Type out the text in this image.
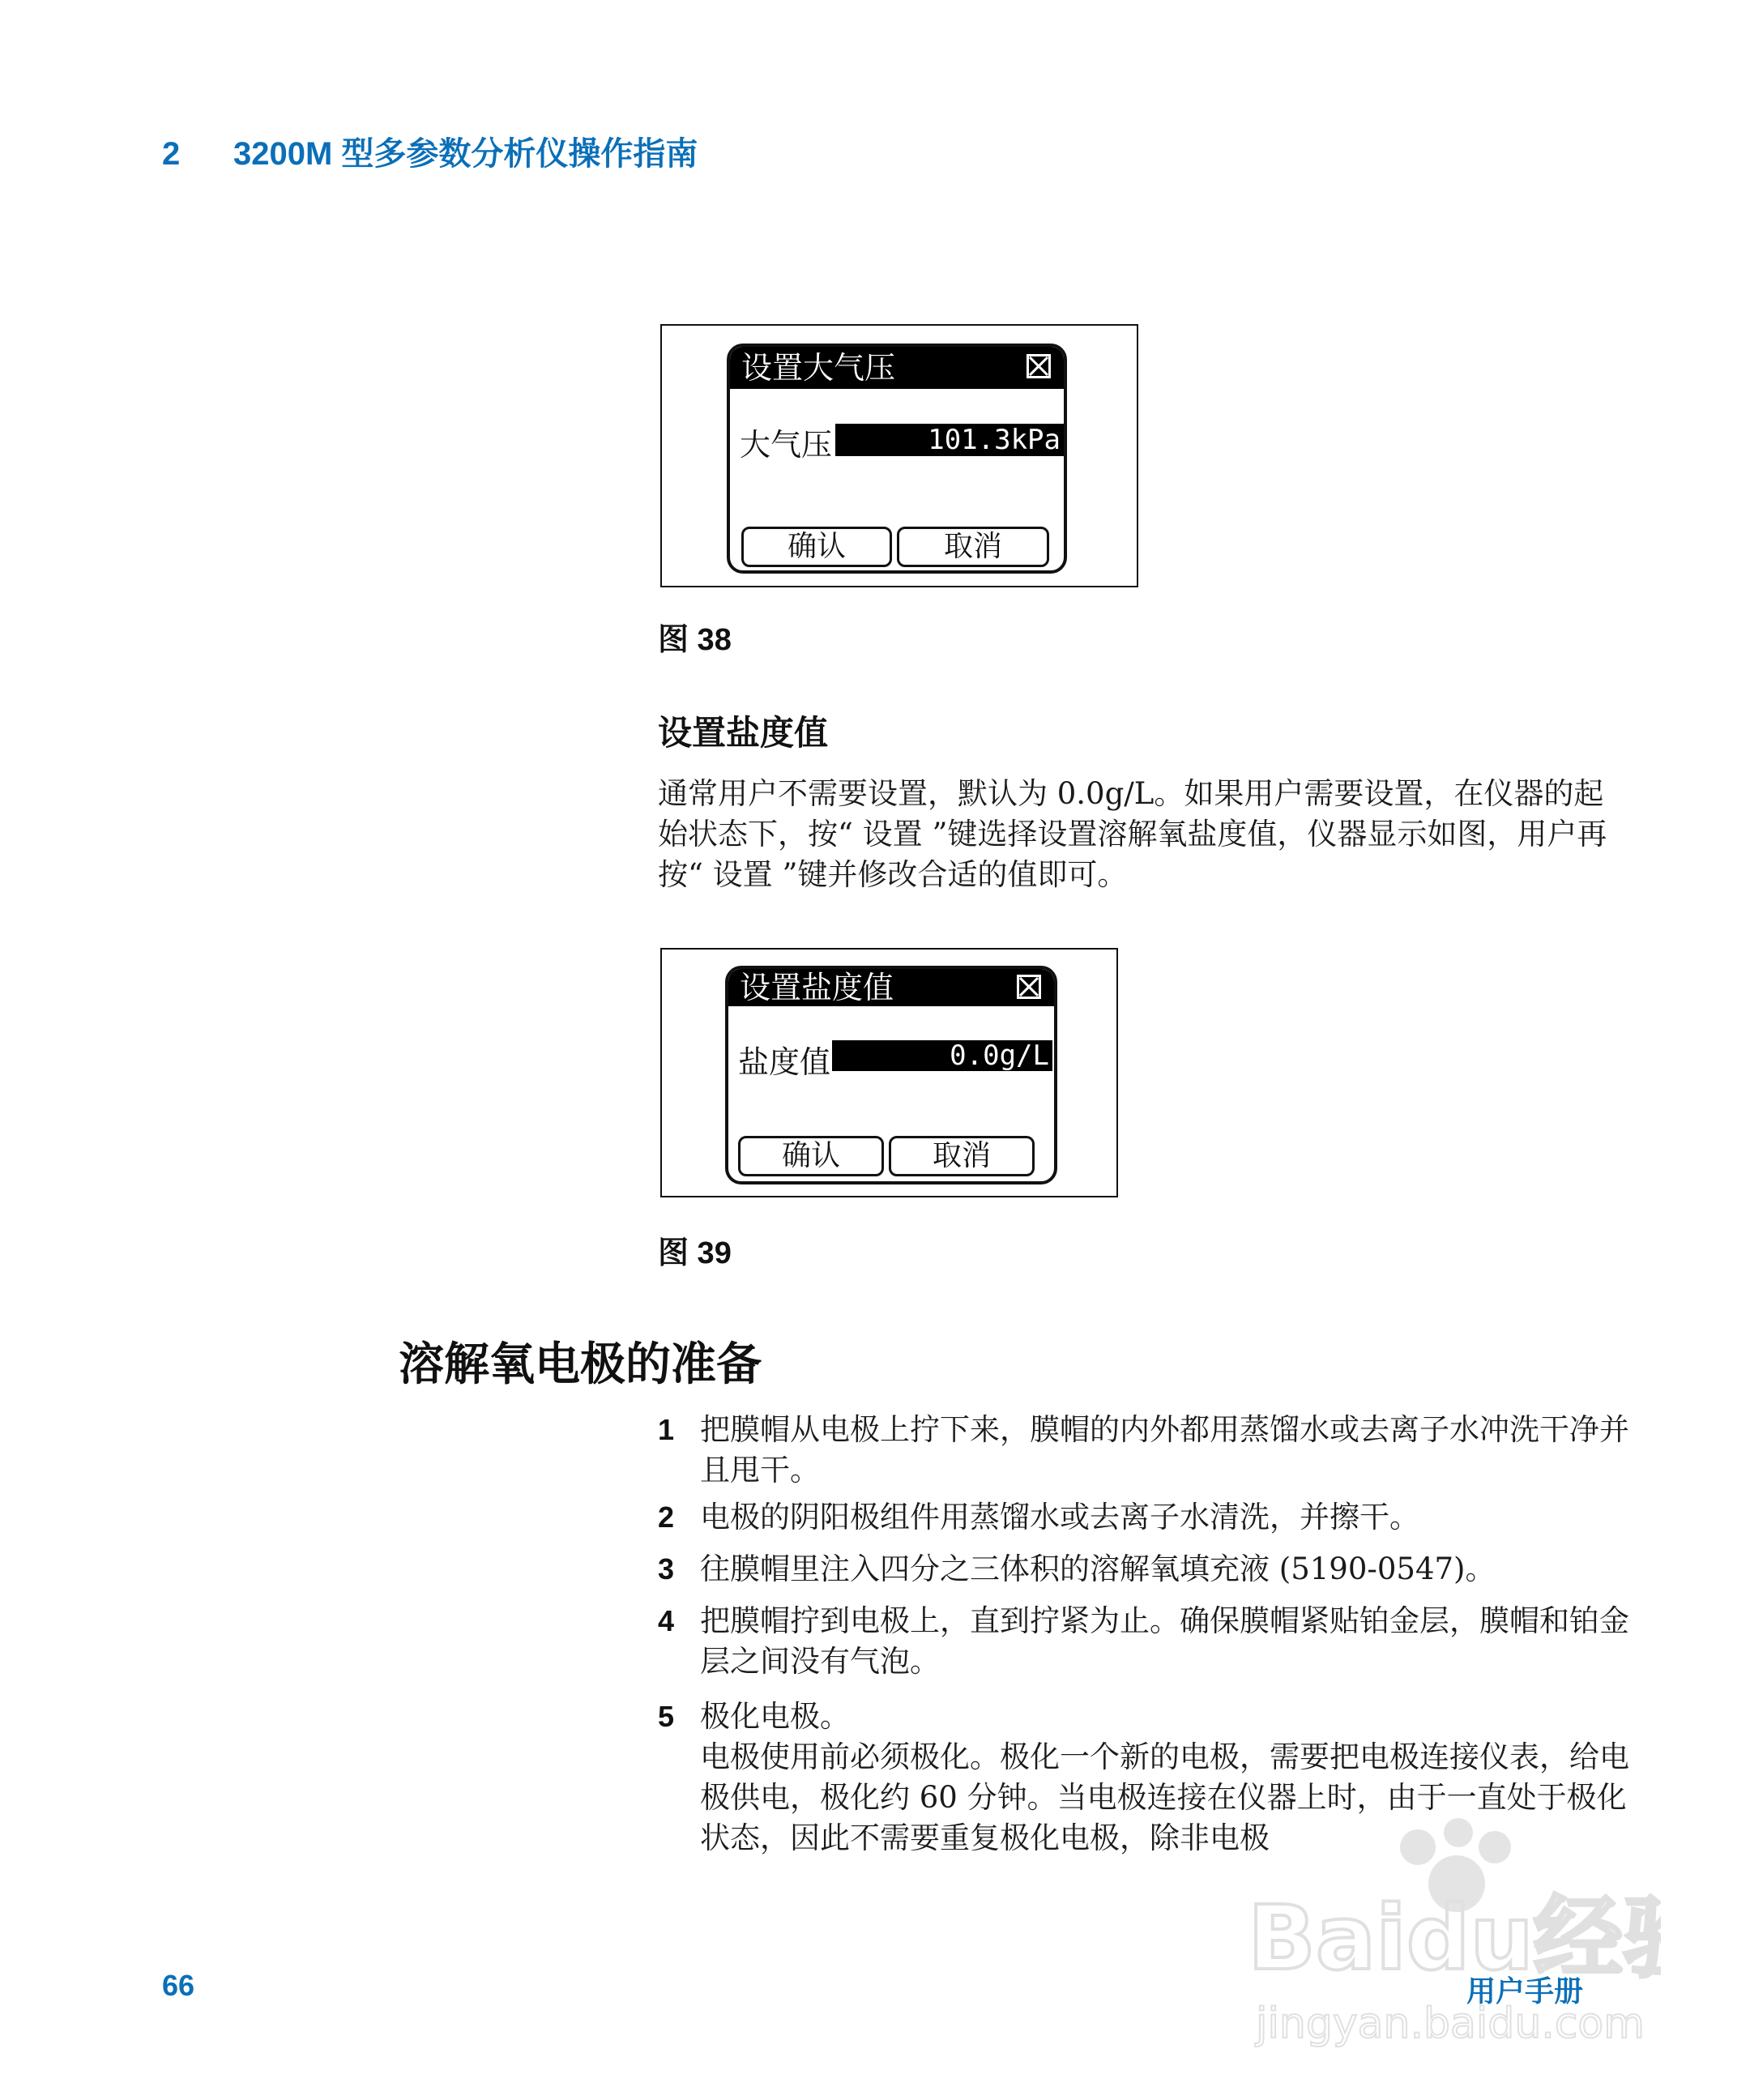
2 3200M 型多参数分析仪操作指南
设置大气压
大气压	101.3kPa
确认	取消
图 38
设置盐度值
通常用户不需要设置，默认为 0.0g/L。如果用户需要设置，在仪器的起始状态下，按“ 设置 ”键选择设置溶解氧盐度值，仪器显示如图，用户再按“ 设置 ”键并修改合适的值即可。
设置盐度值
盐度值	0.0g/L
确认	取消
图 39
溶解氧电极的准备
1 把膜帽从电极上拧下来，膜帽的内外都用蒸馏水或去离子水冲洗干净并且甩干。
2 电极的阴阳极组件用蒸馏水或去离子水清洗，并擦干。
3 往膜帽里注入四分之三体积的溶解氧填充液 (5190-0547)。
4 把膜帽拧到电极上，直到拧紧为止。确保膜帽紧贴铂金层，膜帽和铂金层之间没有气泡。
5 极化电极。
电极使用前必须极化。极化一个新的电极，需要把电极连接仪表，给电极供电，极化约 60 分钟。当电极连接在仪器上时，由于一直处于极化状态，因此不需要重复极化电极，除非电极
66	用户手册
Baidu经
jingyan.baidu.com
